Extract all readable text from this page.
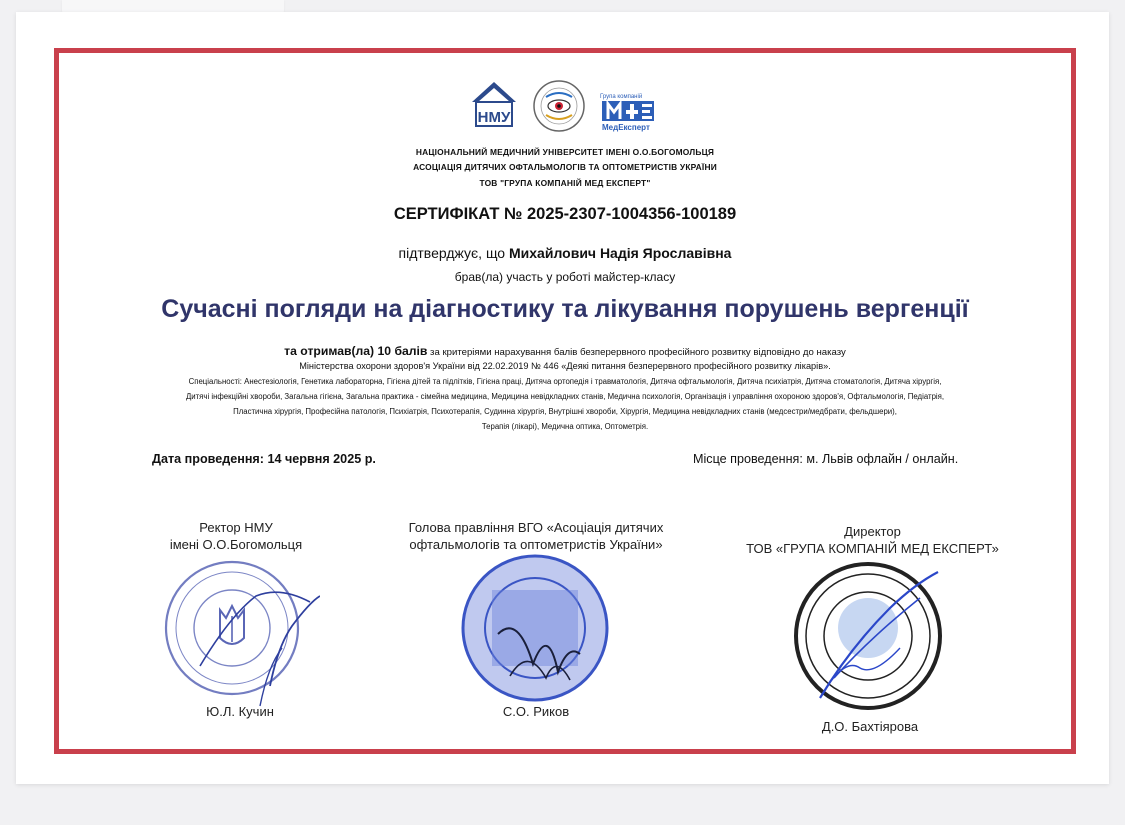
НМУ
Група компаній
МедЕксперт
НАЦІОНАЛЬНИЙ МЕДИЧНИЙ УНІВЕРСИТЕТ ІМЕНІ О.О.БОГОМОЛЬЦЯ
АСОЦІАЦІЯ ДИТЯЧИХ ОФТАЛЬМОЛОГІВ ТА ОПТОМЕТРИСТІВ УКРАЇНИ
ТОВ "ГРУПА КОМПАНІЙ МЕД ЕКСПЕРТ"
СЕРТИФІКАТ № 2025-2307-1004356-100189
підтверджує, що Михайлович Надія Ярославівна
брав(ла) участь у роботі майстер-класу
Сучасні погляди на діагностику та лікування порушень вергенції
та отримав(ла) 10 балів за критеріями нарахування балів безперервного професійного розвитку відповідно до наказу
Міністерства охорони здоров'я України від 22.02.2019 № 446 «Деякі питання безперервного професійного розвитку лікарів».
Спеціальності: Анестезіологія, Генетика лабораторна, Гігієна дітей та підлітків, Гігієна праці, Дитяча ортопедія і травматологія, Дитяча офтальмологія, Дитяча психіатрія, Дитяча стоматологія, Дитяча хірургія,
Дитячі інфекційні хвороби, Загальна гігієна, Загальна практика - сімейна медицина, Медицина невідкладних станів, Медична психологія, Організація і управління охороною здоров'я, Офтальмологія, Педіатрія,
Пластична хірургія, Професійна патологія, Психіатрія, Психотерапія, Судинна хірургія, Внутрішні хвороби, Хірургія, Медицина невідкладних станів (медсестри/медбрати, фельдшери),
Терапія (лікарі), Медична оптика, Оптометрія.
Дата проведення: 14 червня 2025 р.	Місце проведення: м. Львів офлайн / онлайн.
Ректор НМУ
імені О.О.Богомольця
Ю.Л. Кучин
Голова правління ВГО «Асоціація дитячих
офтальмологів та оптометристів України»
С.О. Риков
Директор
ТОВ «ГРУПА КОМПАНІЙ МЕД ЕКСПЕРТ»
Д.О. Бахтіярова
